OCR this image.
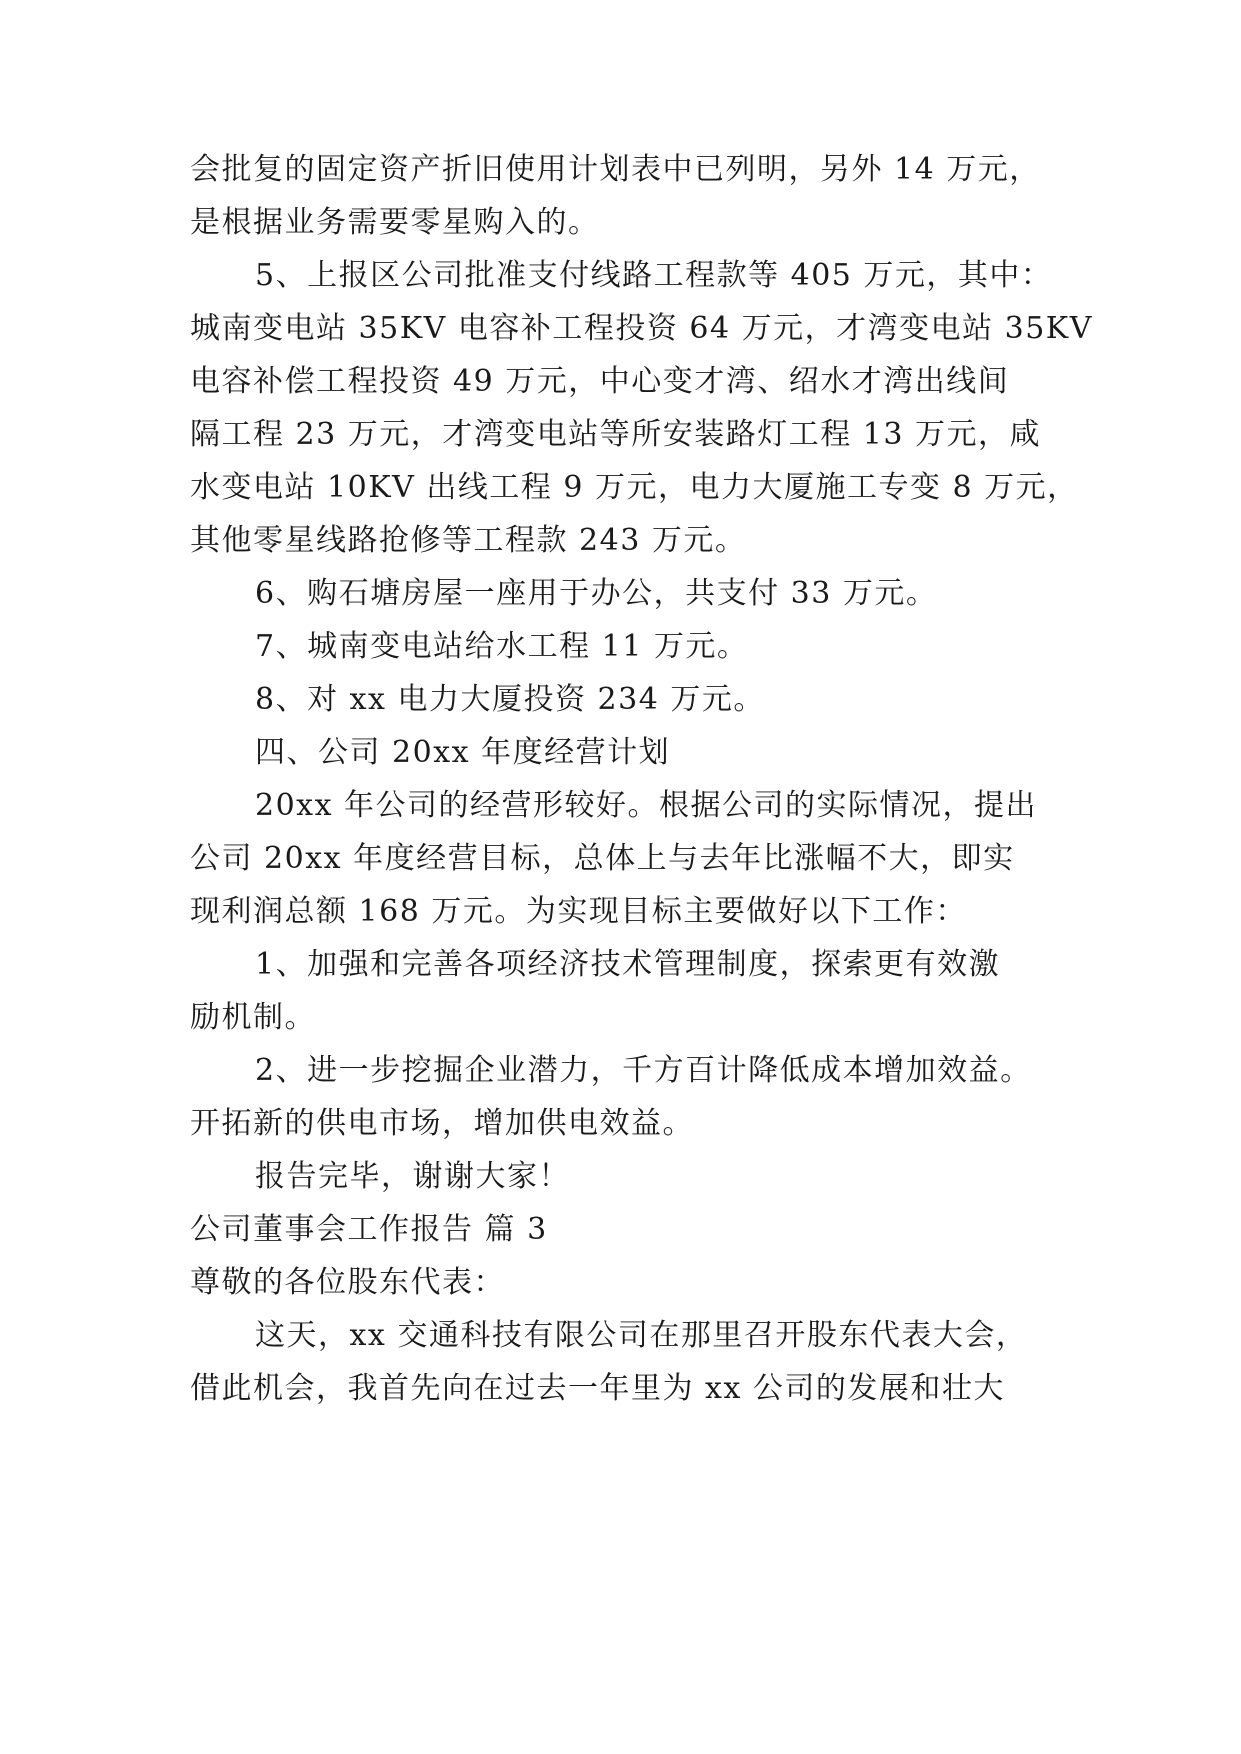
会批复的固定资产折旧使用计划表中已列明，另外 14 万元，
是根据业务需要零星购入的。
5、上报区公司批准支付线路工程款等 405 万元，其中：
城南变电站 35KV 电容补工程投资 64 万元，才湾变电站 35KV
电容补偿工程投资 49 万元，中心变才湾、绍水才湾出线间
隔工程 23 万元，才湾变电站等所安装路灯工程 13 万元，咸
水变电站 10KV 出线工程 9 万元，电力大厦施工专变 8 万元，
其他零星线路抢修等工程款 243 万元。
6、购石塘房屋一座用于办公，共支付 33 万元。
7、城南变电站给水工程 11 万元。
8、对 xx 电力大厦投资 234 万元。
四、公司 20xx 年度经营计划
20xx 年公司的经营形较好。根据公司的实际情况，提出
公司 20xx 年度经营目标，总体上与去年比涨幅不大，即实
现利润总额 168 万元。为实现目标主要做好以下工作：
1、加强和完善各项经济技术管理制度，探索更有效激
励机制。
2、进一步挖掘企业潜力，千方百计降低成本增加效益。
开拓新的供电市场，增加供电效益。
报告完毕，谢谢大家！
公司董事会工作报告 篇 3
尊敬的各位股东代表：
这天，xx 交通科技有限公司在那里召开股东代表大会，
借此机会，我首先向在过去一年里为 xx 公司的发展和壮大
